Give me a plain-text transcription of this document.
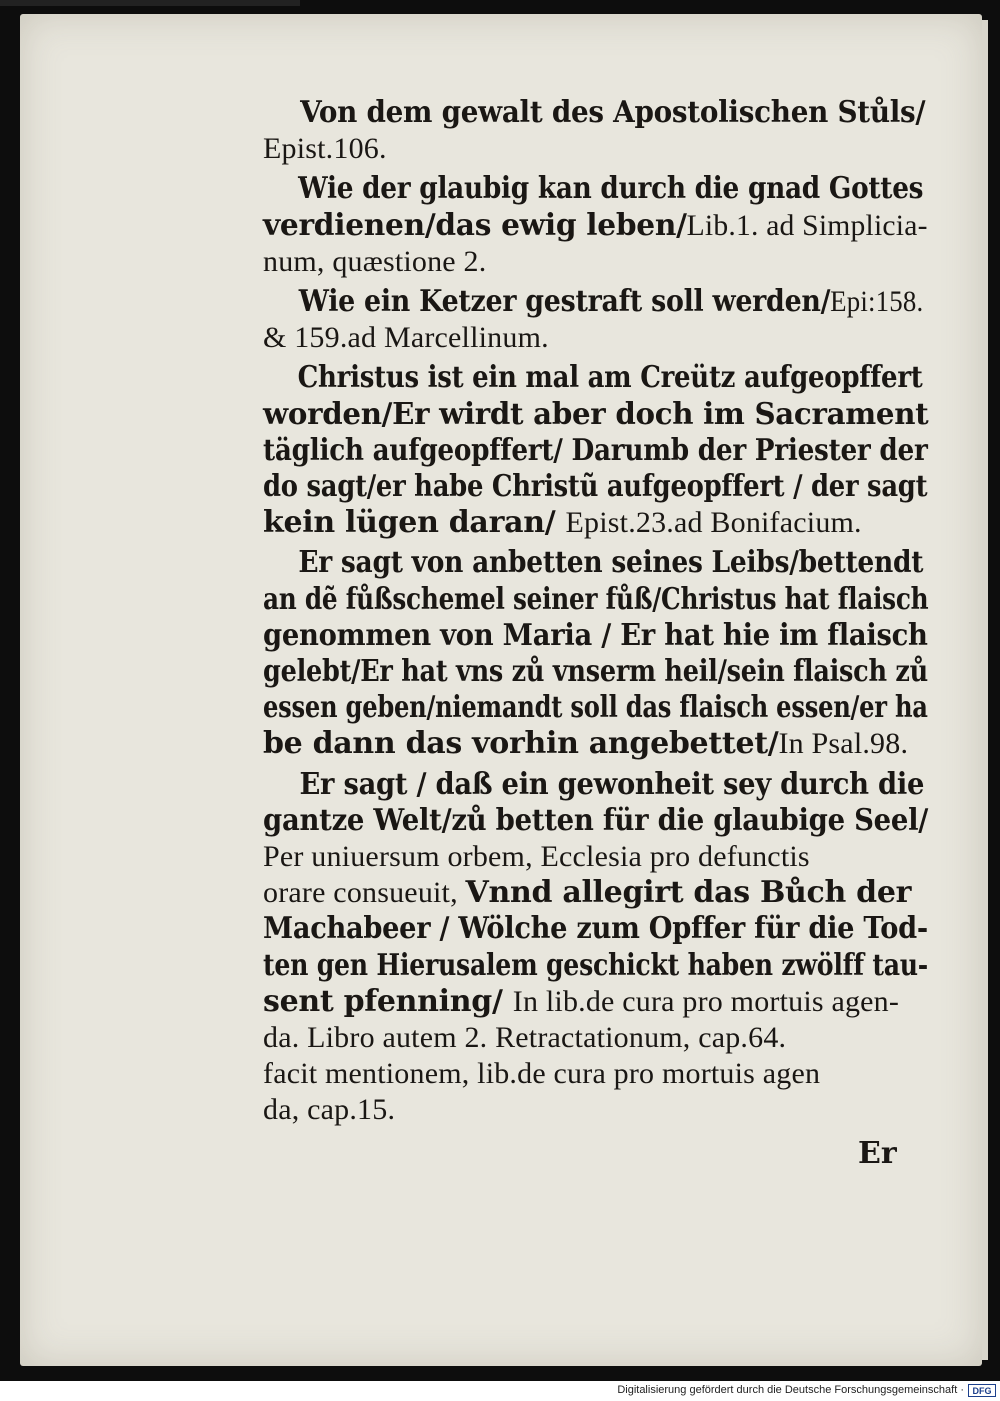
Von dem gewalt des Apostolischen Stůls/
Epist.106.
Wie der glaubig kan durch die gnad Gottes
verdienen/das ewig leben/Lib.1. ad Simplicia-
num, quæstione 2.
Wie ein Ketzer gestraft soll werden/Epi:158.
& 159.ad Marcellinum.
Christus ist ein mal am Creütz aufgeopffert
worden/Er wirdt aber doch im Sacrament
täglich aufgeopffert/ Darumb der Priester der
do sagt/er habe Christũ aufgeopffert / der sagt
kein lügen daran/ Epist.23.ad Bonifacium.
Er sagt von anbetten seines Leibs/bettendt
an dẽ fůßschemel seiner fůß/Christus hat flaisch
genommen von Maria / Er hat hie im flaisch
gelebt/Er hat vns zů vnserm heil/sein flaisch zů
essen geben/niemandt soll das flaisch essen/er ha
be dann das vorhin angebettet/In Psal.98.
Er sagt / daß ein gewonheit sey durch die
gantze Welt/zů betten für die glaubige Seel/
Per uniuersum orbem, Ecclesia pro defunctis
orare consueuit, Vnnd allegirt das Bůch der
Machabeer / Wölche zum Opffer für die Tod-
ten gen Hierusalem geschickt haben zwölff tau-
sent pfenning/ In lib.de cura pro mortuis agen-
da. Libro autem 2. Retractationum, cap.64.
facit mentionem, lib.de cura pro mortuis agen
da, cap.15.
Er
Digitalisierung gefördert durch die Deutsche Forschungsgemeinschaft · DFG
